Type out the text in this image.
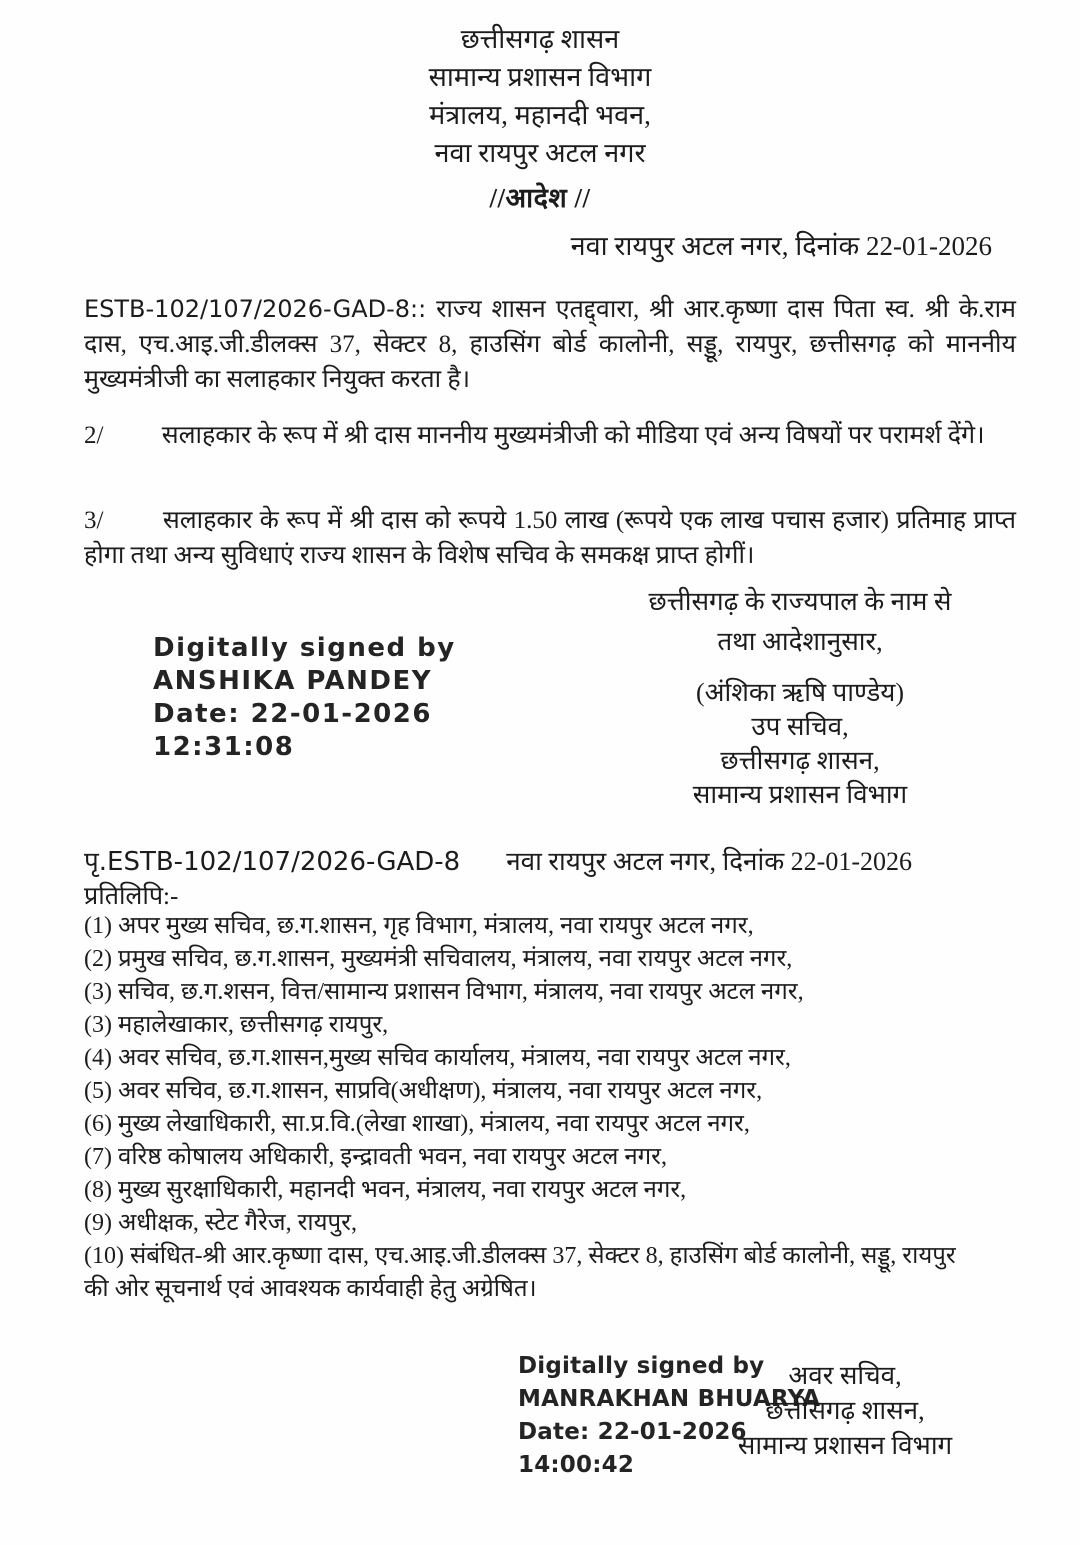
छत्तीसगढ़ शासन
सामान्य प्रशासन विभाग
मंत्रालय, महानदी भवन,
नवा रायपुर अटल नगर
//आदेश //
नवा रायपुर अटल नगर, दिनांक 22-01-2026

ESTB-102/107/2026-GAD-8:: राज्य शासन एतद्द्वारा, श्री आर.कृष्णा दास पिता स्व. श्री के.राम दास, एच.आइ.जी.डीलक्स 37, सेक्टर 8, हाउसिंग बोर्ड कालोनी, सड्डू, रायपुर, छत्तीसगढ़ को माननीय मुख्यमंत्रीजी का सलाहकार नियुक्त करता है।

2/ सलाहकार के रूप में श्री दास माननीय मुख्यमंत्रीजी को मीडिया एवं अन्य विषयों पर परामर्श देंगे।

3/ सलाहकार के रूप में श्री दास को रूपये 1.50 लाख (रूपये एक लाख पचास हजार) प्रतिमाह प्राप्त होगा तथा अन्य सुविधाएं राज्य शासन के विशेष सचिव के समकक्ष प्राप्त होगीं।

छत्तीसगढ़ के राज्यपाल के नाम से
तथा आदेशानुसार,
Digitally signed by
ANSHIKA PANDEY
Date: 22-01-2026
12:31:08
(अंशिका ऋषि पाण्डेय)
उप सचिव,
छत्तीसगढ़ शासन,
सामान्य प्रशासन विभाग
पृ.ESTB-102/107/2026-GAD-8 नवा रायपुर अटल नगर, दिनांक 22-01-2026
प्रतिलिपि:-
(1) अपर मुख्य सचिव, छ.ग.शासन, गृह विभाग, मंत्रालय, नवा रायपुर अटल नगर,
(2) प्रमुख सचिव, छ.ग.शासन, मुख्यमंत्री सचिवालय, मंत्रालय, नवा रायपुर अटल नगर,
(3) सचिव, छ.ग.शसन, वित्त/सामान्य प्रशासन विभाग, मंत्रालय, नवा रायपुर अटल नगर,
(3) महालेखाकार, छत्तीसगढ़ रायपुर,
(4) अवर सचिव, छ.ग.शासन,मुख्य सचिव कार्यालय, मंत्रालय, नवा रायपुर अटल नगर,
(5) अवर सचिव, छ.ग.शासन, साप्रवि(अधीक्षण), मंत्रालय, नवा रायपुर अटल नगर,
(6) मुख्य लेखाधिकारी, सा.प्र.वि.(लेखा शाखा), मंत्रालय, नवा रायपुर अटल नगर,
(7) वरिष्ठ कोषालय अधिकारी, इन्द्रावती भवन, नवा रायपुर अटल नगर,
(8) मुख्य सुरक्षाधिकारी, महानदी भवन, मंत्रालय, नवा रायपुर अटल नगर,
(9) अधीक्षक, स्टेट गैरेज, रायपुर,
(10) संबंधित-श्री आर.कृष्णा दास, एच.आइ.जी.डीलक्स 37, सेक्टर 8, हाउसिंग बोर्ड कालोनी, सड्डू, रायपुर
की ओर सूचनार्थ एवं आवश्यक कार्यवाही हेतु अग्रेषित।
Digitally signed by
MANRAKHAN BHUARYA
Date: 22-01-2026
14:00:42
अवर सचिव,
छत्तीसगढ़ शासन,
सामान्य प्रशासन विभाग
